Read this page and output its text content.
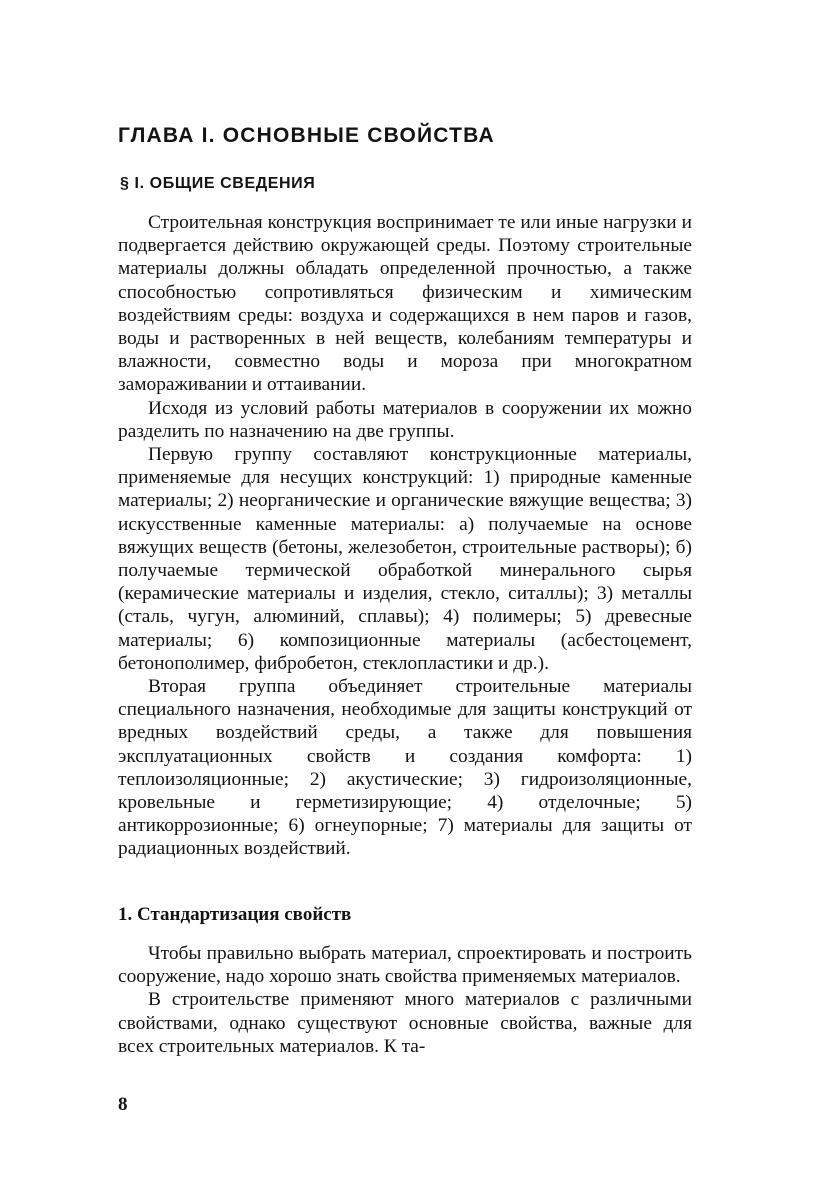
ГЛАВА I. ОСНОВНЫЕ СВОЙСТВА
§ I. ОБЩИЕ СВЕДЕНИЯ

Строительная конструкция воспринимает те или иные нагрузки и подвергается действию окружающей среды. Поэтому строительные материалы должны обладать определенной прочностью, а также способностью сопротивляться физическим и химическим воздействиям среды: воздуха и содержащихся в нем паров и газов, воды и растворенных в ней веществ, колебаниям температуры и влажности, совместно воды и мороза при многократном замораживании и оттаивании.

Исходя из условий работы материалов в сооружении их можно разделить по назначению на две группы.

Первую группу составляют конструкционные материалы, применяемые для несущих конструкций: 1) природные каменные материалы; 2) неорганические и органические вяжущие вещества; 3) искусственные каменные материалы: а) получаемые на основе вяжущих веществ (бетоны, железобетон, строительные растворы); б) получаемые термической обработкой минерального сырья (керамические материалы и изделия, стекло, ситаллы); 3) металлы (сталь, чугун, алюминий, сплавы); 4) полимеры; 5) древесные материалы; 6) композиционные материалы (асбестоцемент, бетонополимер, фибробетон, стеклопластики и др.).

Вторая группа объединяет строительные материалы специального назначения, необходимые для защиты конструкций от вредных воздействий среды, а также для повышения эксплуатационных свойств и создания комфорта: 1) теплоизоляционные; 2) акустические; 3) гидроизоляционные, кровельные и герметизирующие; 4) отделочные; 5) антикоррозионные; 6) огнеупорные; 7) материалы для защиты от радиационных воздействий.

1. Стандартизация свойств

Чтобы правильно выбрать материал, спроектировать и построить сооружение, надо хорошо знать свойства применяемых материалов.

В строительстве применяют много материалов с различными свойствами, однако существуют основные свойства, важные для всех строительных материалов. К та-

8
